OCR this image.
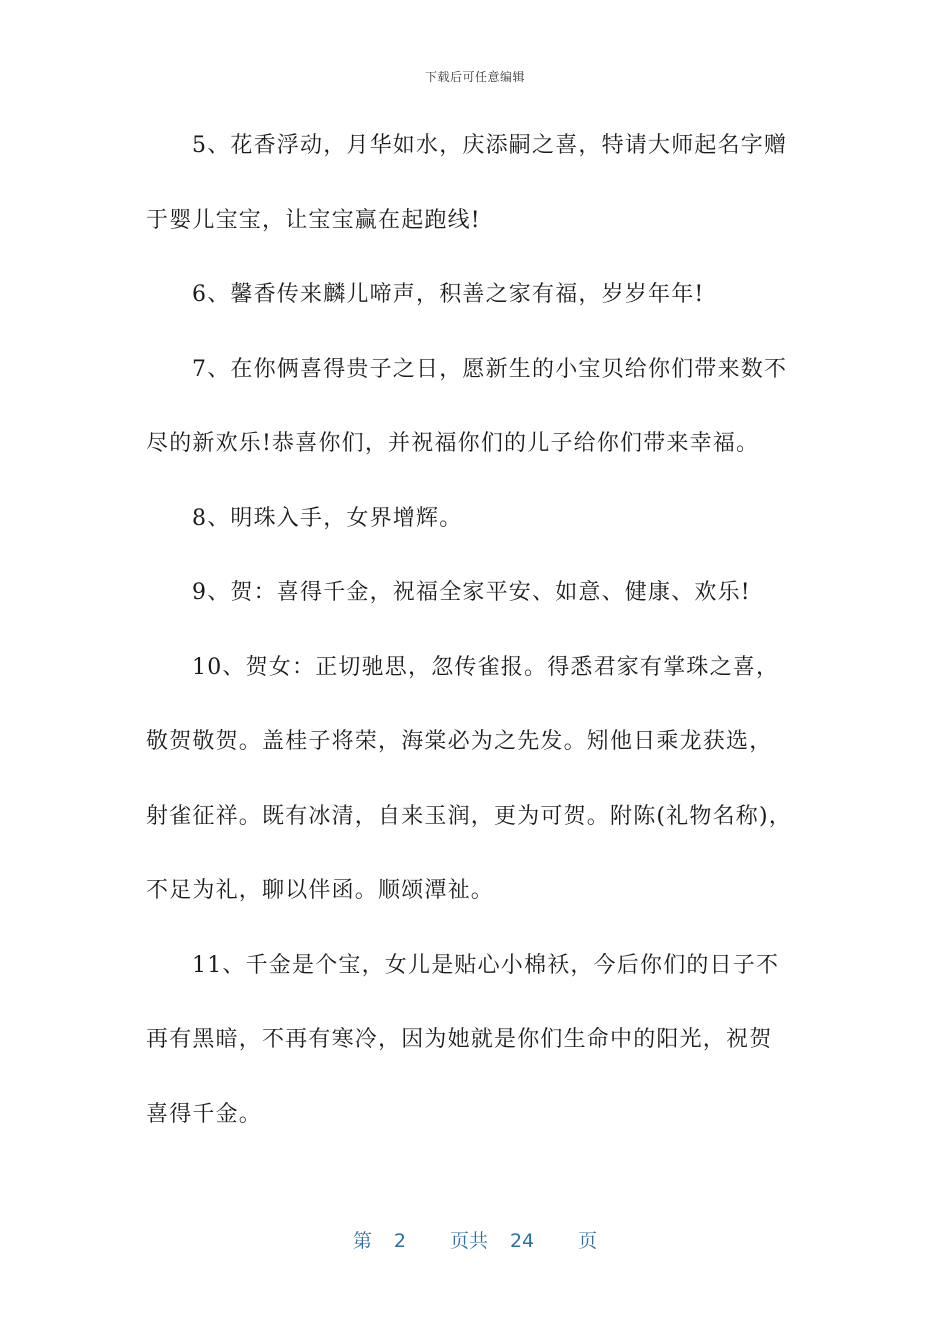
下载后可任意编辑
5、花香浮动，月华如水，庆添嗣之喜，特请大师起名字赠
于婴儿宝宝，让宝宝赢在起跑线!
6、馨香传来麟儿啼声，积善之家有福，岁岁年年!
7、在你俩喜得贵子之日，愿新生的小宝贝给你们带来数不
尽的新欢乐!恭喜你们，并祝福你们的儿子给你们带来幸福。
8、明珠入手，女界增辉。
9、贺：喜得千金，祝福全家平安、如意、健康、欢乐!
10、贺女：正切驰思，忽传雀报。得悉君家有掌珠之喜，
敬贺敬贺。盖桂子将荣，海棠必为之先发。矧他日乘龙获选，
射雀征祥。既有冰清，自来玉润，更为可贺。附陈(礼物名称)，
不足为礼，聊以伴函。顺颂潭祉。
11、千金是个宝，女儿是贴心小棉袄，今后你们的日子不
再有黑暗，不再有寒冷，因为她就是你们生命中的阳光，祝贺
喜得千金。
第 2 页共 24 页
